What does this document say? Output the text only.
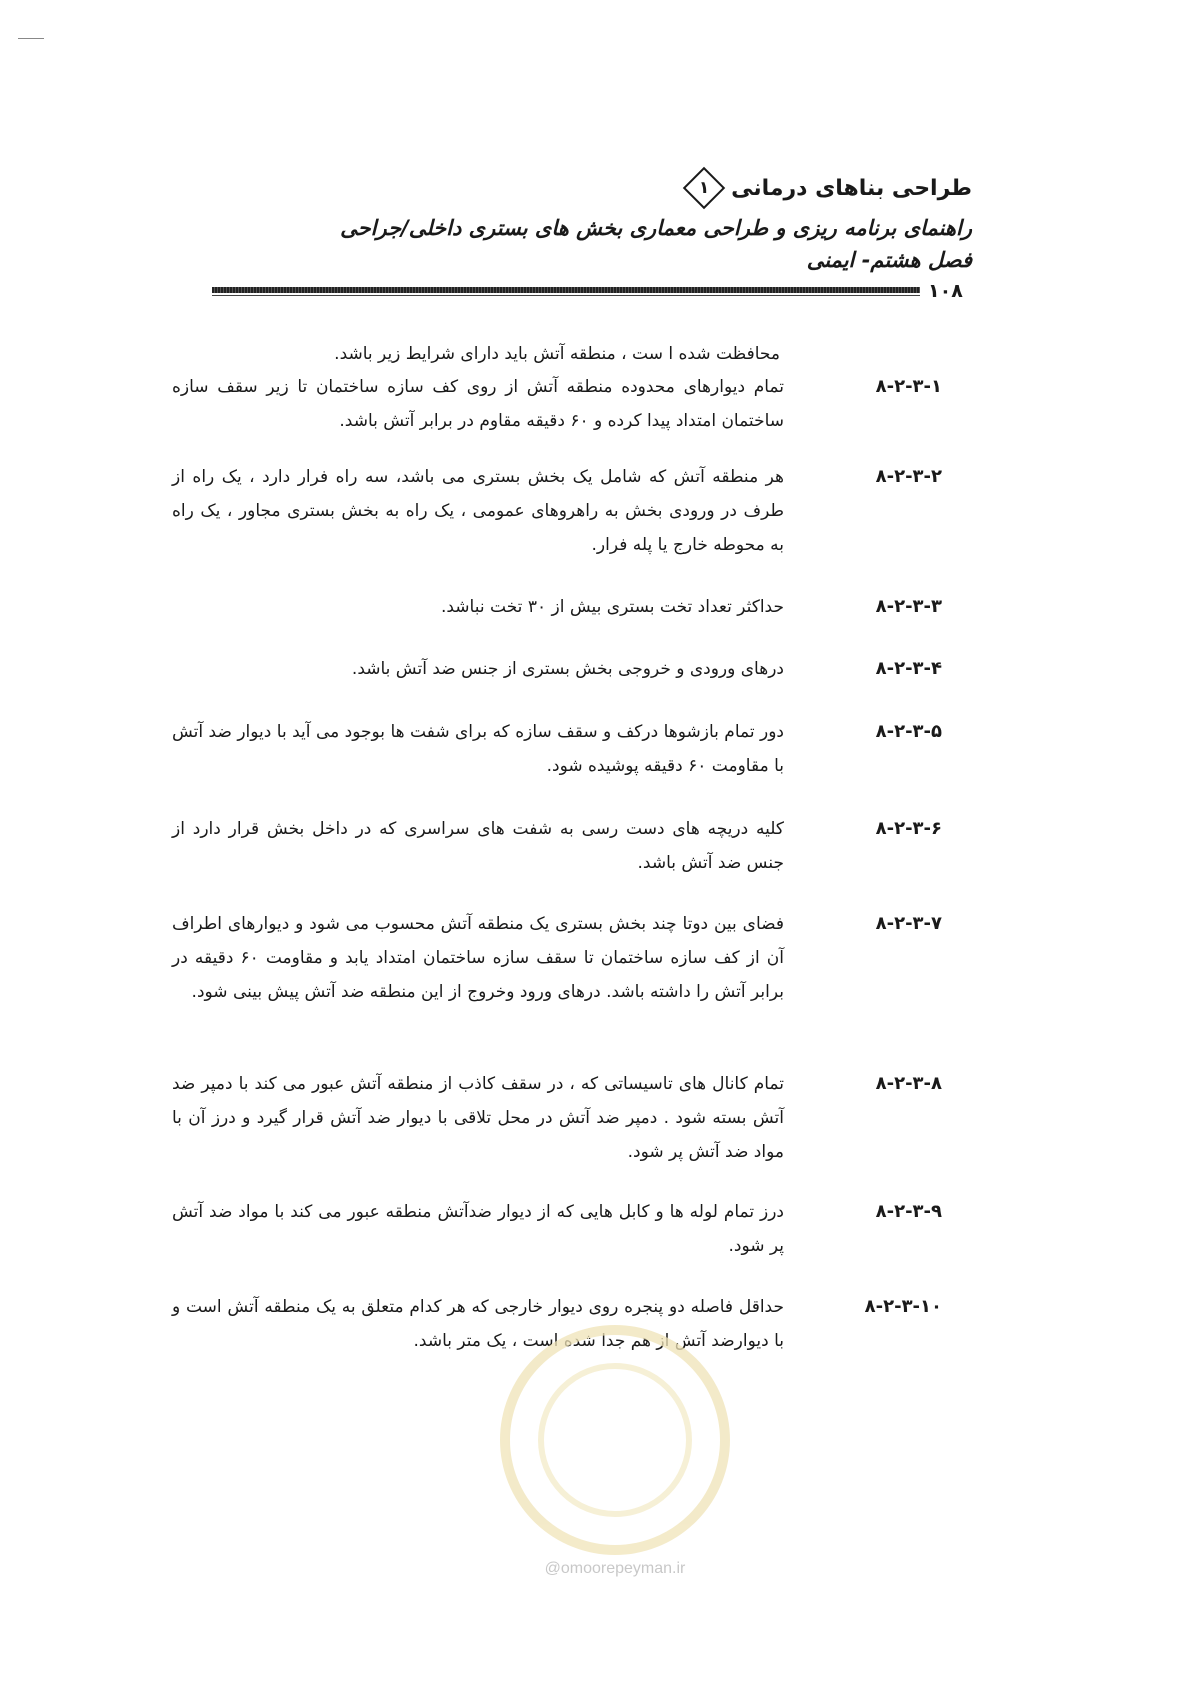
طراحی بناهای درمانی
۱
راهنمای برنامه ریزی و طراحی معماری بخش های بستری داخلی/جراحی
فصل هشتم- ایمنی
۱۰۸
محافظت شده ا ست ، منطقه آتش باید دارای شرایط زیر باشد.
۸-۲-۳-۱
تمام دیوارهای محدوده منطقه آتش از روی کف سازه ساختمان تا زیر سقف سازه ساختمان امتداد پیدا کرده و ۶۰ دقیقه مقاوم در برابر آتش باشد.
۸-۲-۳-۲
هر منطقه آتش که شامل یک بخش بستری می باشد، سه راه فرار دارد ، یک راه از طرف در ورودی بخش به راهروهای عمومی ، یک راه به بخش بستری مجاور ، یک راه به محوطه خارج یا پله فرار.
۸-۲-۳-۳
حداکثر تعداد تخت بستری بیش از ۳۰ تخت نباشد.
۸-۲-۳-۴
درهای ورودی و خروجی بخش بستری از جنس ضد آتش باشد.
۸-۲-۳-۵
دور تمام بازشوها درکف و سقف سازه که برای شفت ها بوجود می آید با دیوار ضد آتش با مقاومت ۶۰ دقیقه پوشیده شود.
۸-۲-۳-۶
کلیه دریچه های دست رسی به شفت های سراسری که در داخل بخش قرار دارد از جنس ضد آتش باشد.
۸-۲-۳-۷
فضای بین دوتا چند بخش بستری یک منطقه آتش محسوب می شود و دیوارهای اطراف آن از کف سازه ساختمان تا سقف سازه ساختمان امتداد یابد و مقاومت ۶۰ دقیقه در برابر آتش را داشته باشد. درهای ورود وخروج از این منطقه ضد آتش پیش بینی شود.
۸-۲-۳-۸
تمام کانال های تاسیساتی که ، در سقف کاذب از منطقه آتش عبور می کند با دمپر ضد آتش بسته شود . دمپر ضد آتش در محل تلاقی با دیوار ضد آتش قرار گیرد و درز آن با مواد ضد آتش پر شود.
۸-۲-۳-۹
درز تمام لوله ها و کابل هایی که از دیوار ضدآتش منطقه عبور می کند با مواد ضد آتش پر شود.
۸-۲-۳-۱۰
حداقل فاصله دو پنجره روی دیوار خارجی که هر کدام متعلق به یک منطقه آتش است و با دیوارضد آتش از هم جدا شده است ، یک متر باشد.
@omoorepeyman.ir
